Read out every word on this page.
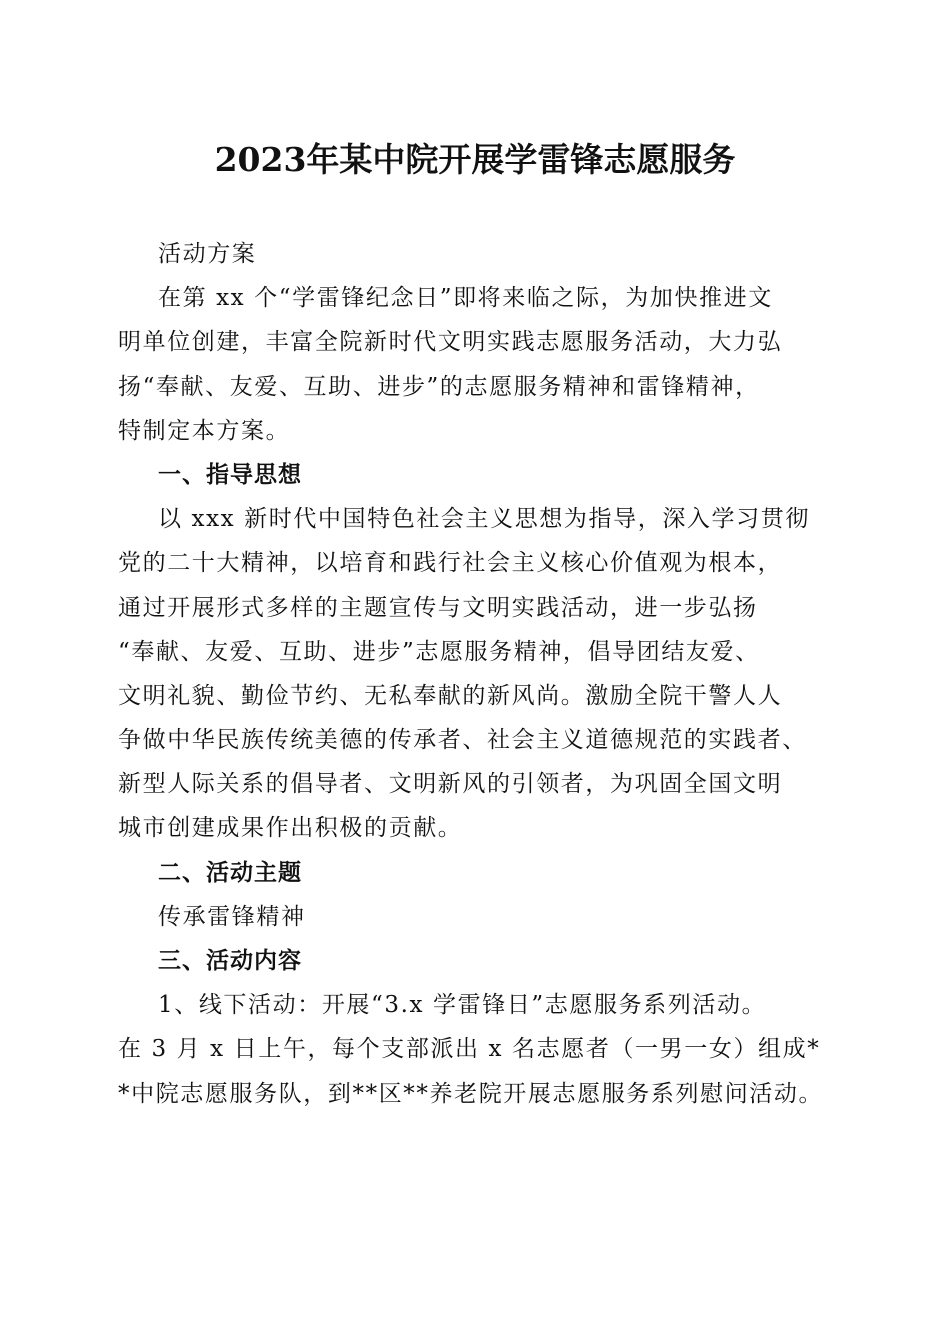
2023年某中院开展学雷锋志愿服务
活动方案
在第 xx 个“学雷锋纪念日”即将来临之际，为加快推进文
明单位创建，丰富全院新时代文明实践志愿服务活动，大力弘
扬“奉献、友爱、互助、进步”的志愿服务精神和雷锋精神，
特制定本方案。
一、指导思想
以 xxx 新时代中国特色社会主义思想为指导，深入学习贯彻
党的二十大精神，以培育和践行社会主义核心价值观为根本，
通过开展形式多样的主题宣传与文明实践活动，进一步弘扬
“奉献、友爱、互助、进步”志愿服务精神，倡导团结友爱、
文明礼貌、勤俭节约、无私奉献的新风尚。激励全院干警人人
争做中华民族传统美德的传承者、社会主义道德规范的实践者、
新型人际关系的倡导者、文明新风的引领者，为巩固全国文明
城市创建成果作出积极的贡献。
二、活动主题
传承雷锋精神
三、活动内容
1、线下活动：开展“3.x 学雷锋日”志愿服务系列活动。
在 3 月 x 日上午，每个支部派出 x 名志愿者（一男一女）组成*
*中院志愿服务队，到**区**养老院开展志愿服务系列慰问活动。
